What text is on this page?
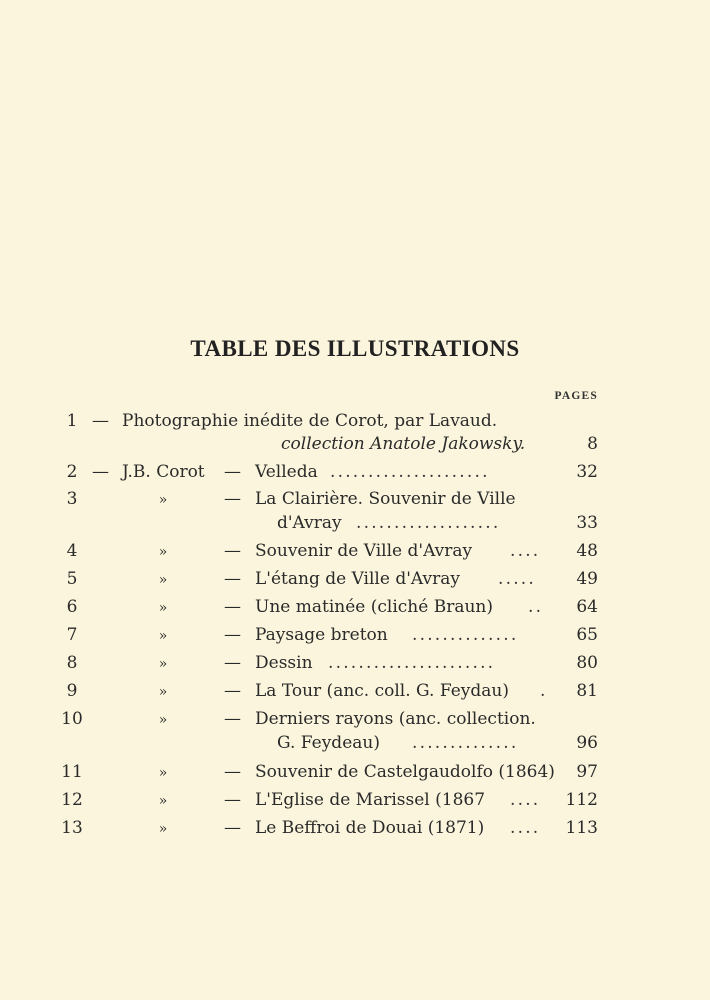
TABLE DES ILLUSTRATIONS
PAGES
1 — Photographie inédite de Corot, par Lavaud.
collection Anatole Jakowsky.	8
2 — J.B. Corot — Velleda .....................	32
3	»	— La Clairière. Souvenir de Ville
d'Avray ...................	33
4	»	— Souvenir de Ville d'Avray .... 48
5	»	— L'étang de Ville d'Avray ..... 49
6	»	— Une matinée (cliché Braun) .. 64
7	»	— Paysage breton ..............	65
8	»	— Dessin ......................	80
9	»	— La Tour (anc. coll. G. Feydau) . 81
10	»	— Derniers rayons (anc. collection.
G. Feydeau) ..............	96
11	»	— Souvenir de Castelgaudolfo (1864) 97
12	»	— L'Eglise de Marissel (1867 .... 112
13	»	— Le Beffroi de Douai (1871) .... 113
